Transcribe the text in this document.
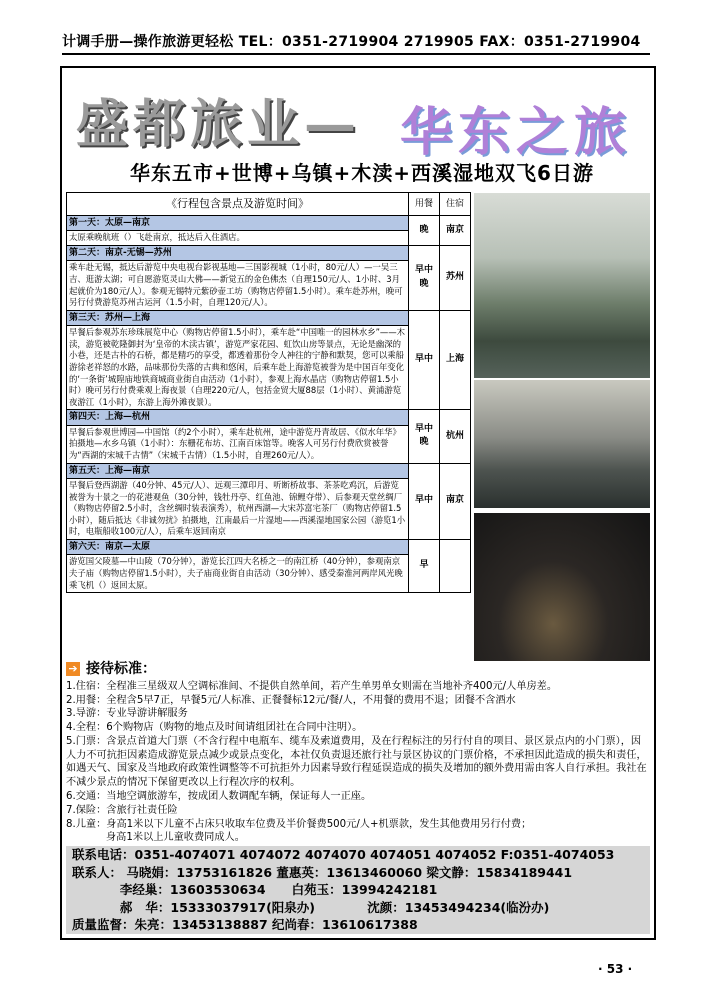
计调手册—操作旅游更轻松 TEL：0351-2719904 2719905 FAX：0351-2719904
盛都旅业— 华东之旅
华东五市+世博+乌镇+木渎+西溪湿地双飞6日游
《行程包含景点及游览时间》	用餐	住宿
第一天：太原—南京	晚	南京
太原乘晚航班（）飞赴南京，抵达后入住酒店。		
第二天：南京-无锡—苏州	早中晚	苏州
乘车赴无锡，抵达后游览中央电视台影视基地—三国影视城（1小时，80元/人）—一吴三吉、逛游太湖；可自愿游览灵山大佛——新觉五的金色佛杰（自理150元/人、1小时、3月起就价为180元/人）。参观无锡特元紫砂壶工坊（购物店停留1.5小时）。乘车赴苏州，晚可另行付费游览苏州古运河（1.5小时，自理120元/人）。		
第三天：苏州—上海	早中	上海
早餐后参观苏东珍珠展览中心（购物店停留1.5小时），乘车赴“中国唯一的园林水乡”——木渎，游览被乾隆御封为‘皇帝的木渎古镇’，游览严家花园、虹饮山房等景点，无论是幽深的小巷，还是古朴的石桥，都是精巧的享受，都透着那份令人神往的宁静和默契，您可以乘船游徐老祥怒的水路，品味那份失落的古典和悠闲，后乘车赴上海游览被誉为是中国百年变化的‘一条街’城隍庙地铁商城商业街自由活动（1小时），参观上海水晶店（购物店停留1.5小时）晚可另行付费乘观上海夜景（自理220元/人，包括金贸大厦88层（1小时）、黄浦游览夜游江（1小时），东游上海外滩夜景）。		
第四天：上海—杭州	早中晚	杭州
早餐后参观世博园—中国馆（约2个小时），乘车赴杭州，途中游览丹青故居、《似水年华》拍摄地—水乡乌镇（1小时）：东栅花布坊、江南百床馆等。晚客人可另行付费欣赏被誉为“西湖的宋城千古情”（宋城千古情）（1.5小时，自理260元/人）。		
第五天：上海—南京	早中	南京
早餐后登西湖游（40分钟、45元/人）、远观三潭印月、听断桥故事、茶茶吃鸡沉，后游览被誉为十景之一的花港观鱼（30分钟，钱牡丹亭、红鱼池、锦鲤夺带）、后参观天堂丝绸厂（购物店停留2.5小时，含丝绸时装表演秀），杭州西湖—大宋苏富宅茶厂（购物店停留1.5小时），随后抵达《非诚勿扰》拍摄地，江南最后一片湿地——西溪湿地国家公园（游览1小时，电瓶船收100元/人），后乘车返回南京		
第六天：南京—太原	早	
游览国父陵墓—中山陵（70分钟），游览长江四大名桥之一的南江桥（40分钟），参观南京夫子庙（购物店停留1.5小时），夫子庙商业街自由活动（30分钟）、感受秦淮河两岸风光晚乘飞机（）返回太原。		
➔ 接待标准：
1.住宿：全程准三星级双人空调标准间、不提供自然单间，若产生单男单女则需在当地补齐400元/人单房差。
2.用餐：全程含5早7正，早餐5元/人标准、正餐餐标12元/餐/人，不用餐的费用不退；团餐不含酒水
3.导游：专业导游讲解服务
4.全程：6个购物店（购物的地点及时间请组团社在合同中注明）。
5.门票：含景点首道大门票（不含行程中电瓶车、缆车及索道费用，及在行程标注的另行付自的项目、景区景点内的小门票），因人力不可抗拒因素造成游览景点减少或景点变化，本社仅负责退还旅行社与景区协议的门票价格，不承担因此造成的损失和责任，如遇天气、国家及当地政府政策性调整等不可抗拒外力因素导致行程延误造成的损失及增加的额外费用需由客人自行承担。我社在不减少景点的情况下保留更改以上行程次序的权利。
6.交通：当地空调旅游车，按成团人数调配车辆，保证每人一正座。
7.保险：含旅行社责任险
8.儿童：身高1米以下儿童不占床只收取车位费及半价餐费500元/人+机票款，发生其他费用另行付费；
身高1米以上儿童收费同成人。
联系电话：0351-4074071 4074072 4074070 4074051 4074052 F:0351-4074053
联系人： 马晓娟：13753161826 董惠英：13613460060 梁文静：15834189441
李经巢：13603530634      白苑玉：13994242181
郝   华：15333037917(阳泉办)            沈颜：13453494234(临汾办)
质量监督：朱亮：13453138887 纪尚春：13610617388
· 53 ·
